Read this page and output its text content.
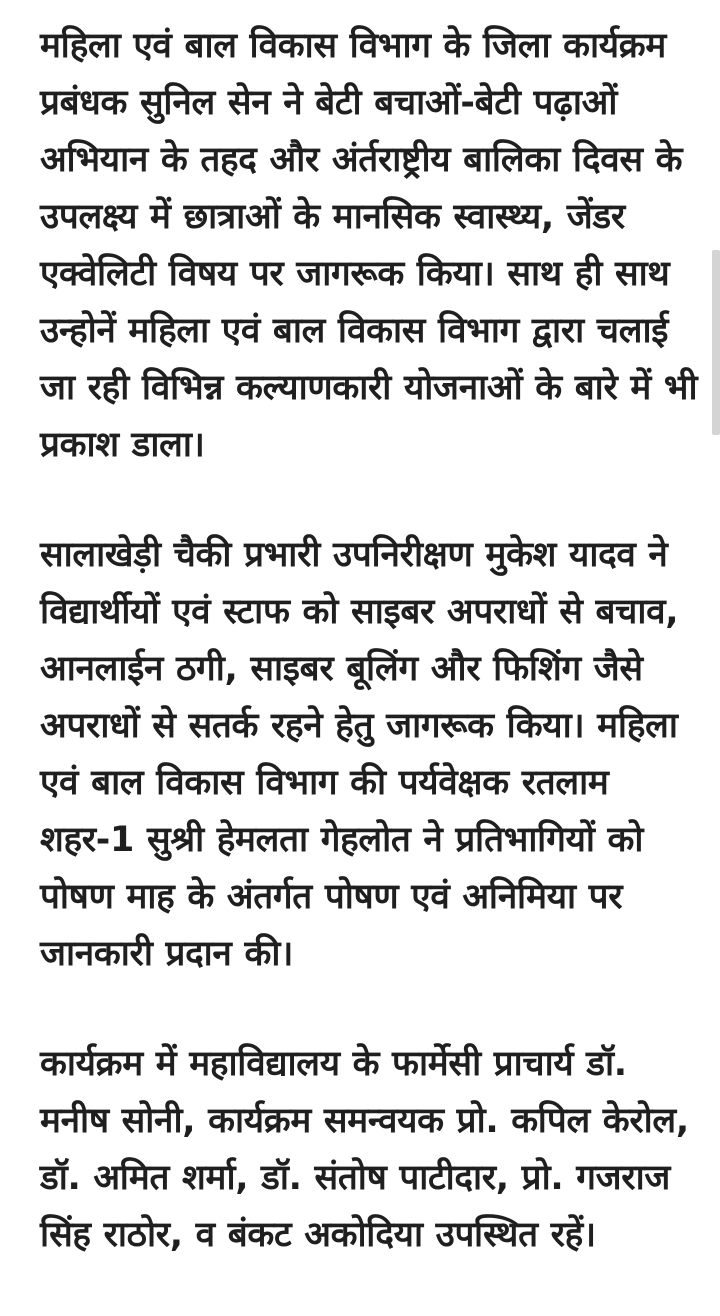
महिला एवं बाल विकास विभाग के जिला कार्यक्रम प्रबंधक सुनिल सेन ने बेटी बचाओं-बेटी पढ़ाओं अभियान के तहद और अंर्तराष्ट्रीय बालिका दिवस के उपलक्ष्य में छात्राओं के मानसिक स्वास्थ्य, जेंडर एक्वेलिटी विषय पर जागरूक किया। साथ ही साथ उन्होनें महिला एवं बाल विकास विभाग द्वारा चलाई जा रही विभिन्न कल्याणकारी योजनाओं के बारे में भी प्रकाश डाला।

सालाखेड़ी चैकी प्रभारी उपनिरीक्षण मुकेश यादव ने विद्यार्थीयों एवं स्टाफ को साइबर अपराधों से बचाव, आनलाईन ठगी, साइबर बूलिंग और फिशिंग जैसे अपराधों से सतर्क रहने हेतु जागरूक किया। महिला एवं बाल विकास विभाग की पर्यवेक्षक रतलाम शहर-1 सुश्री हेमलता गेहलोत ने प्रतिभागियों को पोषण माह के अंतर्गत पोषण एवं अनिमिया पर जानकारी प्रदान की।

कार्यक्रम में महाविद्यालय के फार्मेसी प्राचार्य डॉ. मनीष सोनी, कार्यक्रम समन्वयक प्रो. कपिल केरोल, डॉ. अमित शर्मा, डॉ. संतोष पाटीदार, प्रो. गजराज सिंह राठोर, व बंकट अकोदिया उपस्थित रहें।
